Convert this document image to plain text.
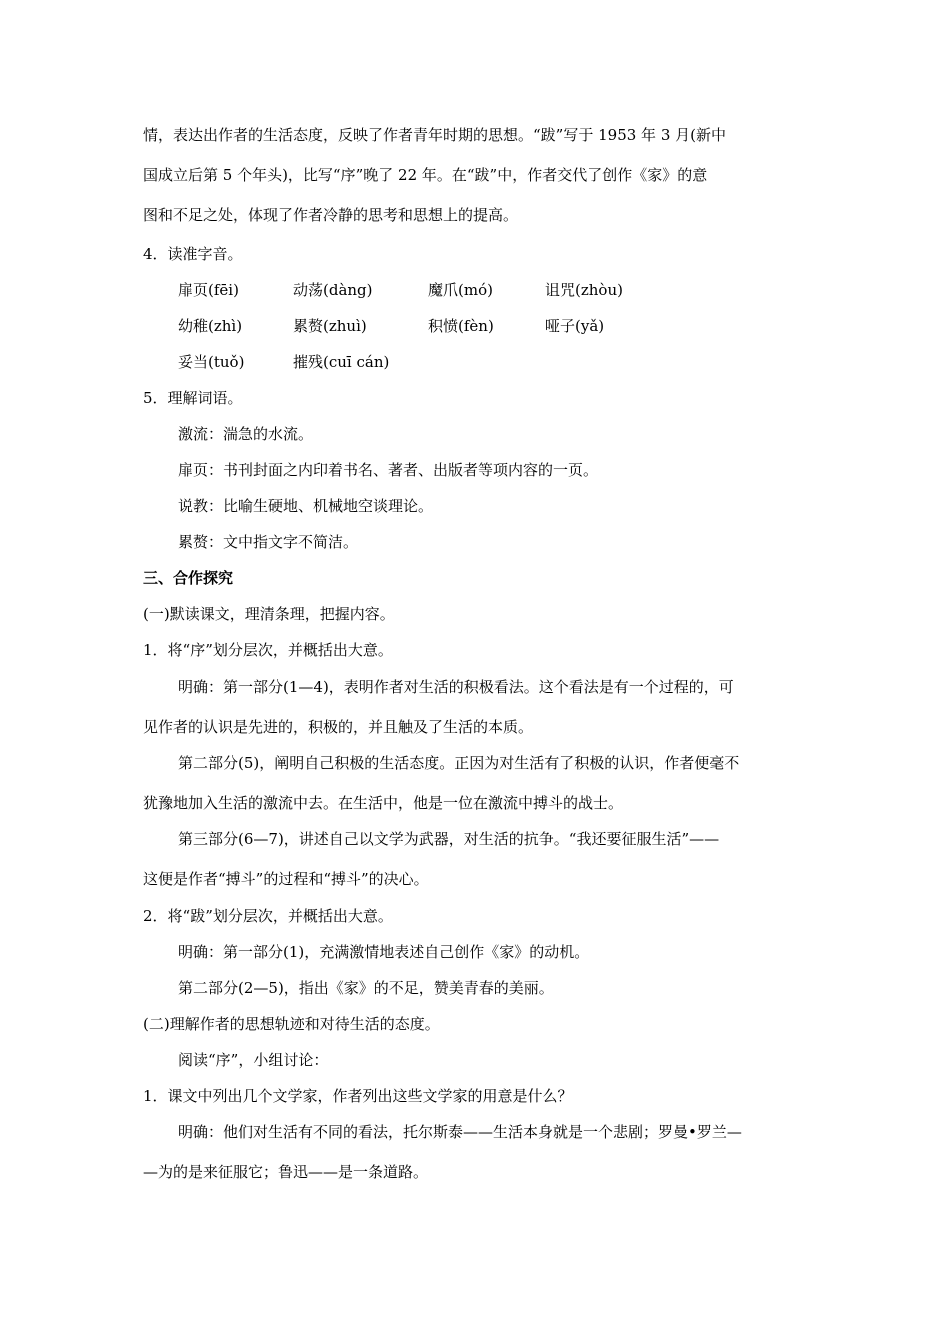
情，表达出作者的生活态度，反映了作者青年时期的思想。“跋”写于 1953 年 3 月(新中
国成立后第 5 个年头)，比写“序”晚了 22 年。在“跋”中，作者交代了创作《家》的意
图和不足之处，体现了作者冷静的思考和思想上的提高。
4．读准字音。
扉页(fēi)	动荡(dàng)	魔爪(mó)	诅咒(zhòu)
幼稚(zhì)	累赘(zhuì)	积愤(fèn)	哑子(yǎ)
妥当(tuǒ)	摧残(cuī cán)
5．理解词语。
激流：湍急的水流。
扉页：书刊封面之内印着书名、著者、出版者等项内容的一页。
说教：比喻生硬地、机械地空谈理论。
累赘：文中指文字不简洁。
三、合作探究
(一)默读课文，理清条理，把握内容。
1．将“序”划分层次，并概括出大意。
明确：第一部分(1—4)，表明作者对生活的积极看法。这个看法是有一个过程的，可
见作者的认识是先进的，积极的，并且触及了生活的本质。
第二部分(5)，阐明自己积极的生活态度。正因为对生活有了积极的认识，作者便毫不
犹豫地加入生活的激流中去。在生活中，他是一位在激流中搏斗的战士。
第三部分(6—7)，讲述自己以文学为武器，对生活的抗争。“我还要征服生活”——
这便是作者“搏斗”的过程和“搏斗”的决心。
2．将“跋”划分层次，并概括出大意。
明确：第一部分(1)，充满激情地表述自己创作《家》的动机。
第二部分(2—5)，指出《家》的不足，赞美青春的美丽。
(二)理解作者的思想轨迹和对待生活的态度。
阅读“序”，小组讨论：
1．课文中列出几个文学家，作者列出这些文学家的用意是什么？
明确：他们对生活有不同的看法，托尔斯泰——生活本身就是一个悲剧；罗曼•罗兰—
—为的是来征服它；鲁迅——是一条道路。
